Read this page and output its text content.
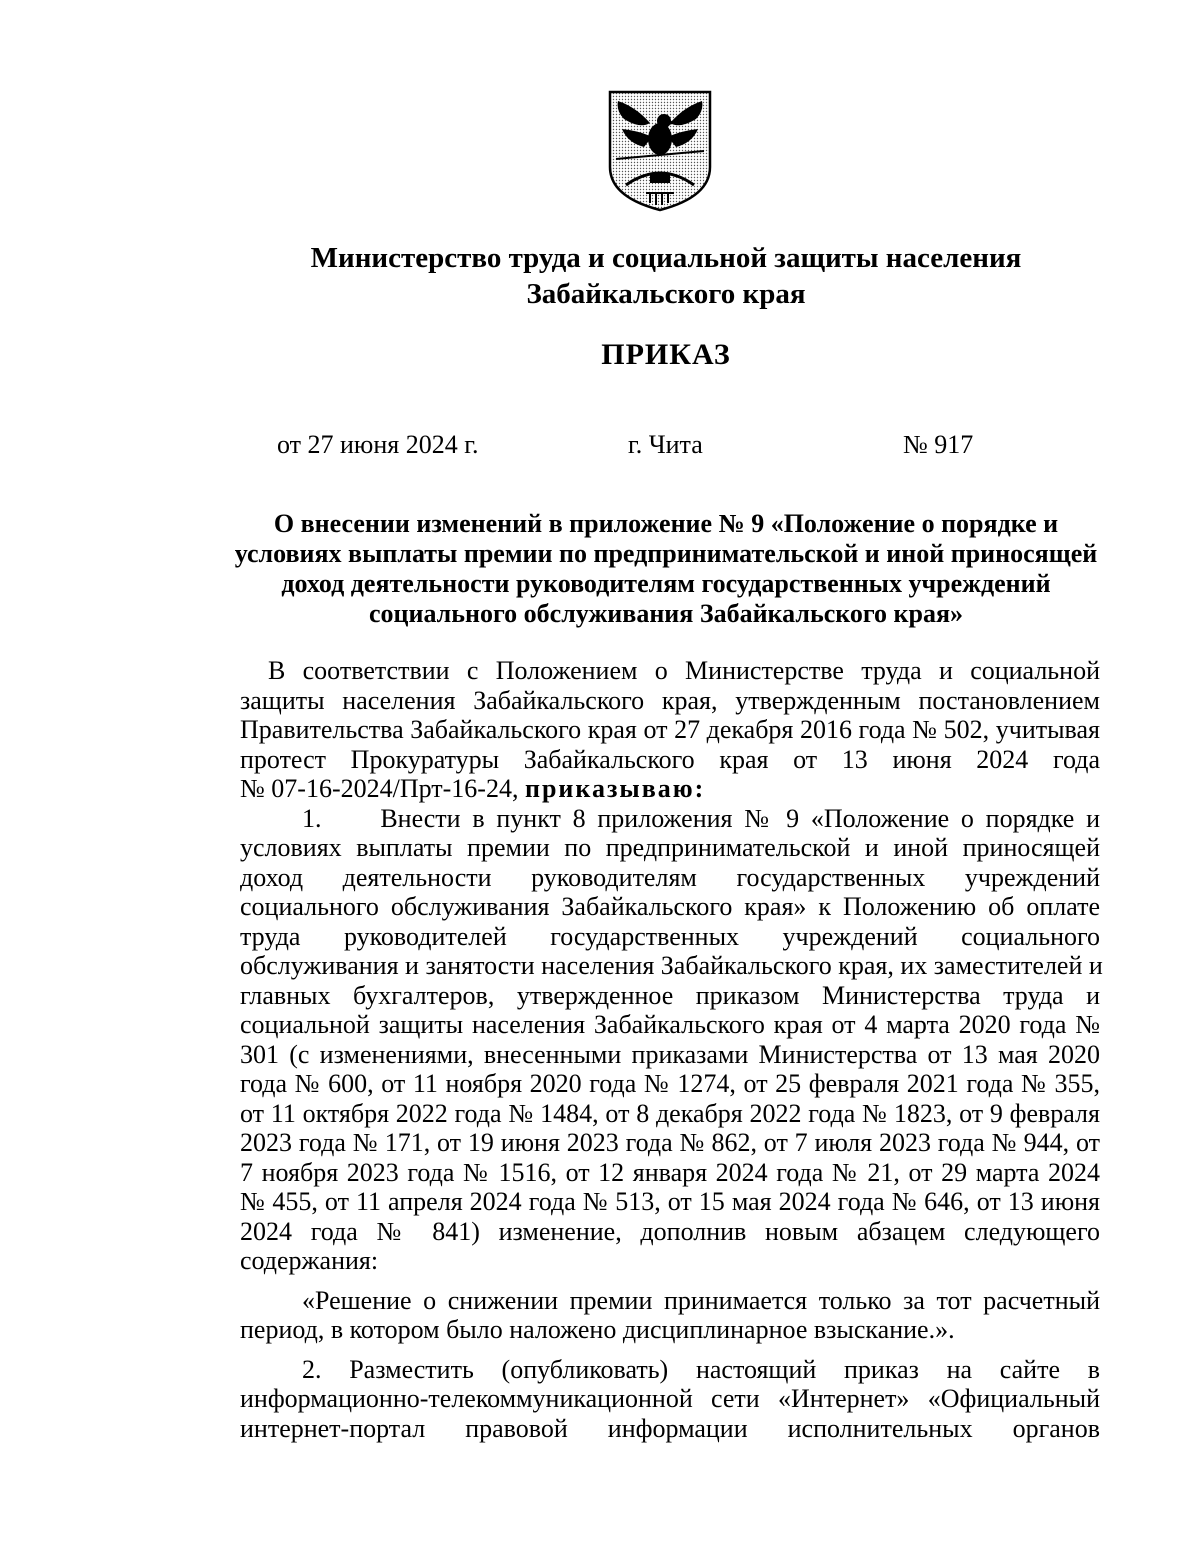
Министерство труда и социальной защиты населения
Забайкальского края
ПРИКАЗ
от 27 июня 2024 г.	г. Чита	№ 917
О внесении изменений в приложение № 9 «Положение о порядке и
условиях выплаты премии по предпринимательской и иной приносящей
доход деятельности руководителям государственных учреждений
социального обслуживания Забайкальского края»
В соответствии с Положением о Министерстве труда и социальной
защиты населения Забайкальского края, утвержденным постановлением
Правительства Забайкальского края от 27 декабря 2016 года № 502, учитывая
протест Прокуратуры Забайкальского края от 13 июня 2024 года
№ 07-16-2024/Прт-16-24, приказываю:
1.     Внести в пункт 8 приложения № 9 «Положение о порядке и
условиях выплаты премии по предпринимательской и иной приносящей
доход деятельности руководителям государственных учреждений
социального обслуживания Забайкальского края» к Положению об оплате
труда руководителей государственных учреждений социального
обслуживания и занятости населения Забайкальского края, их заместителей и
главных бухгалтеров, утвержденное приказом Министерства труда и
социальной защиты населения Забайкальского края от 4 марта 2020 года №
301 (с изменениями, внесенными приказами Министерства от 13 мая 2020
года № 600, от 11 ноября 2020 года № 1274, от 25 февраля 2021 года № 355,
от 11 октября 2022 года № 1484, от 8 декабря 2022 года № 1823, от 9 февраля
2023 года № 171, от 19 июня 2023 года № 862, от 7 июля 2023 года № 944, от
7 ноября 2023 года № 1516, от 12 января 2024 года № 21, от 29 марта 2024
№ 455, от 11 апреля 2024 года № 513, от 15 мая 2024 года № 646, от 13 июня
2024 года № 841) изменение, дополнив новым абзацем следующего
содержания:
«Решение о снижении премии принимается только за тот расчетный
период, в котором было наложено дисциплинарное взыскание.».
2. Разместить (опубликовать) настоящий приказ на сайте в
информационно-телекоммуникационной сети «Интернет» «Официальный
интернет-портал правовой информации исполнительных органов
